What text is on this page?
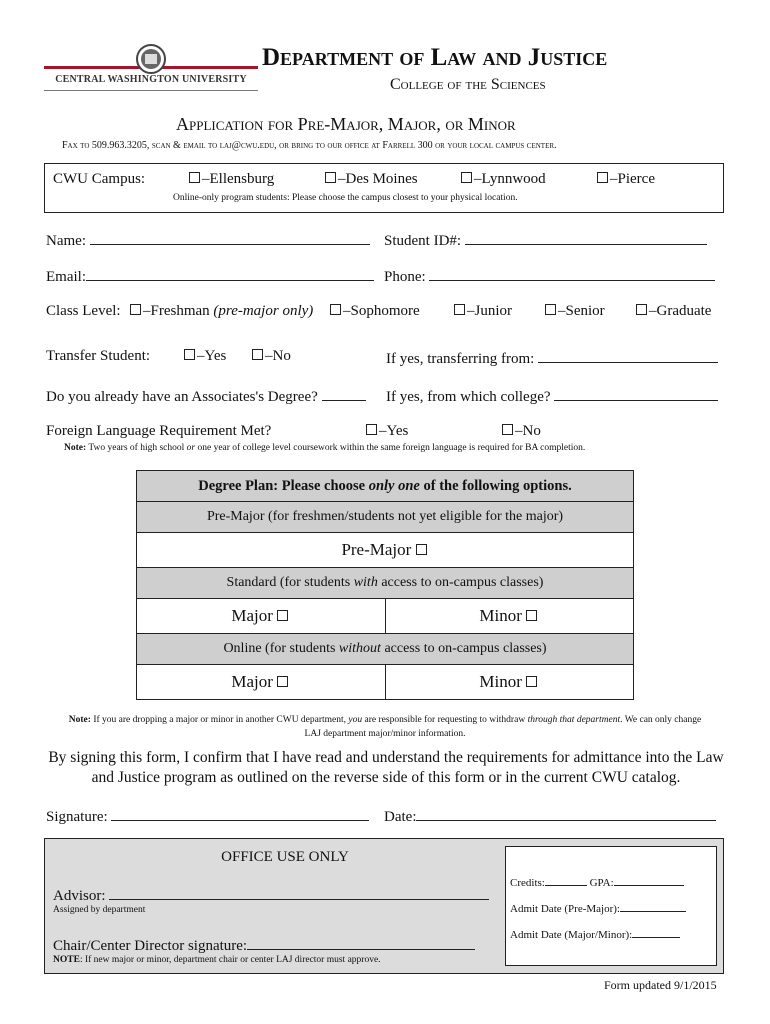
CENTRAL WASHINGTON UNIVERSITY
Department of Law and Justice
College of the Sciences
Application for Pre-Major, Major, or Minor
Fax to 509.963.3205, scan & email to laj@cwu.edu, or bring to our office at Farrell 300 or your local campus center.
CWU Campus:	–Ellensburg	–Des Moines	–Lynnwood	–Pierce
Online-only program students: Please choose the campus closest to your physical location.
Name:	Student ID#:
Email:	Phone:
Class Level:	–Freshman (pre-major only)	–Sophomore	–Junior	–Senior	–Graduate
Transfer Student:	–Yes	–No	If yes, transferring from:
Do you already have an Associates's Degree?	If yes, from which college?
Foreign Language Requirement Met?	–Yes	–No
Note: Two years of high school or one year of college level coursework within the same foreign language is required for BA completion.
Degree Plan: Please choose only one of the following options.	
Pre-Major (for freshmen/students not yet eligible for the major)	
Pre-Major	
Standard (for students with access to on-campus classes)	
Major	Minor
Online (for students without access to on-campus classes)	
Major	Minor
Note: If you are dropping a major or minor in another CWU department, you are responsible for requesting to withdraw through that department. We can only change LAJ department major/minor information.
By signing this form, I confirm that I have read and understand the requirements for admittance into the Law and Justice program as outlined on the reverse side of this form or in the current CWU catalog.
Signature:	Date:
OFFICE USE ONLY
Advisor:
Assigned by department
Chair/Center Director signature:
NOTE: If new major or minor, department chair or center LAJ director must approve.
Credits:	GPA:
Admit Date (Pre-Major):
Admit Date (Major/Minor):
Form updated 9/1/2015
